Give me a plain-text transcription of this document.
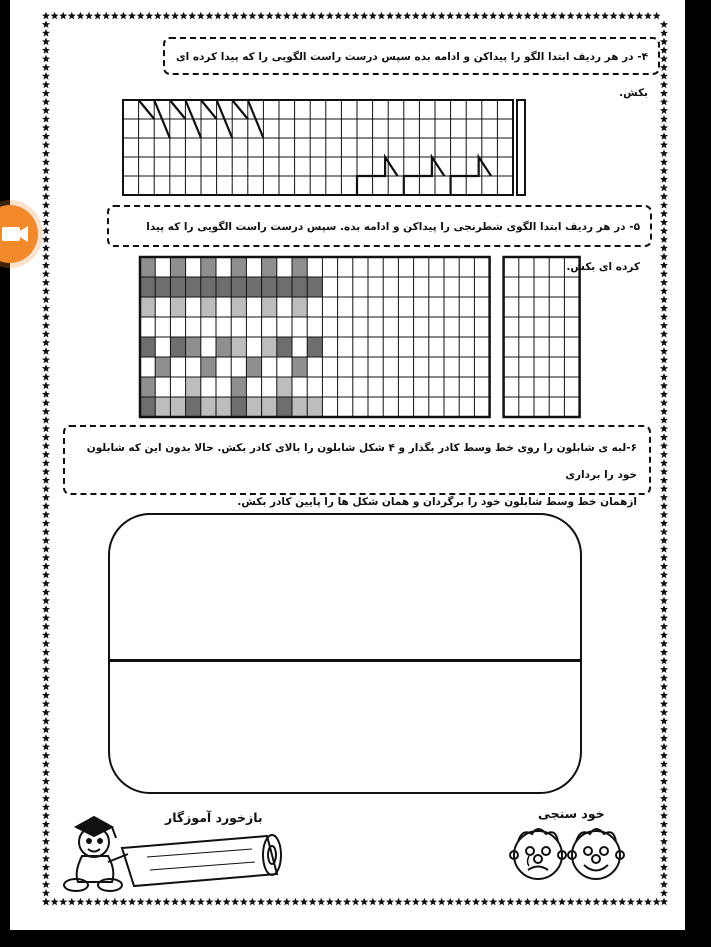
۴- در هر ردیف ابتدا الگو را پیداکن و ادامه بده سپس درست راست الگویی را که پیدا کرده ای بکش.
۵- در هر ردیف ابتدا الگوی شطرنجی را پیداکن و ادامه بده. سپس درست راست الگویی را که پیدا کرده ای بکش.
۶-لبه ی شابلون را روی خط وسط کادر بگذار و ۴ شکل شابلون را بالای کادر بکش. حالا بدون این که شابلون خود را برداری
ازهمان خط وسط شابلون خود را برگردان و همان شکل ها را پایین کادر بکش.
بازخورد آموزگار	خود سنجی
